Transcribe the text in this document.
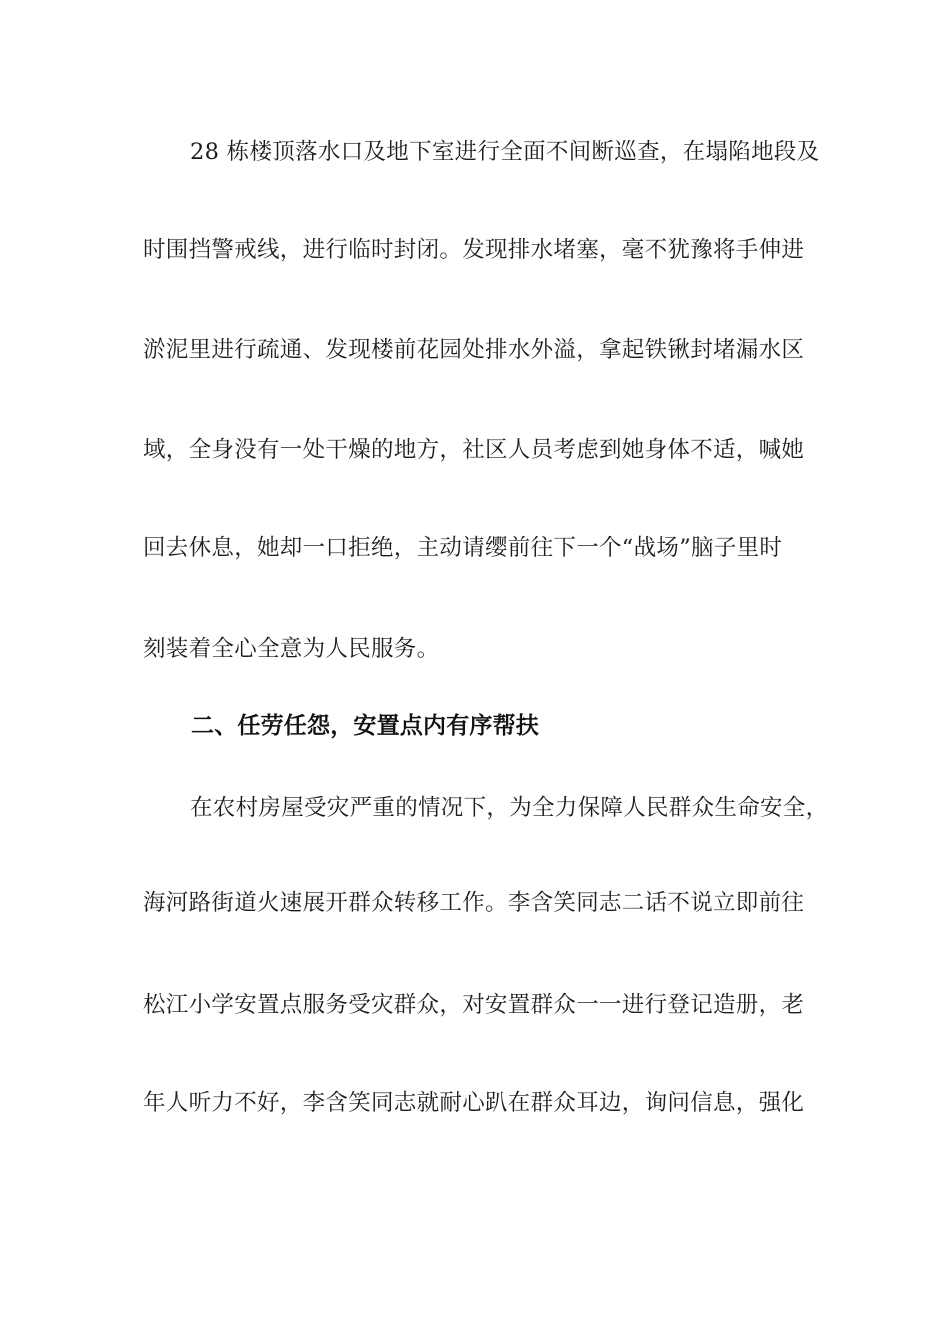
28 栋楼顶落水口及地下室进行全面不间断巡查，在塌陷地段及
时围挡警戒线，进行临时封闭。发现排水堵塞，毫不犹豫将手伸进
淤泥里进行疏通、发现楼前花园处排水外溢，拿起铁锹封堵漏水区
域，全身没有一处干燥的地方，社区人员考虑到她身体不适，喊她
回去休息，她却一口拒绝，主动请缨前往下一个“战场”脑子里时
刻装着全心全意为人民服务。
二、任劳任怨，安置点内有序帮扶
在农村房屋受灾严重的情况下，为全力保障人民群众生命安全，
海河路街道火速展开群众转移工作。李含笑同志二话不说立即前往
松江小学安置点服务受灾群众，对安置群众一一进行登记造册，老
年人听力不好，李含笑同志就耐心趴在群众耳边，询问信息，强化
